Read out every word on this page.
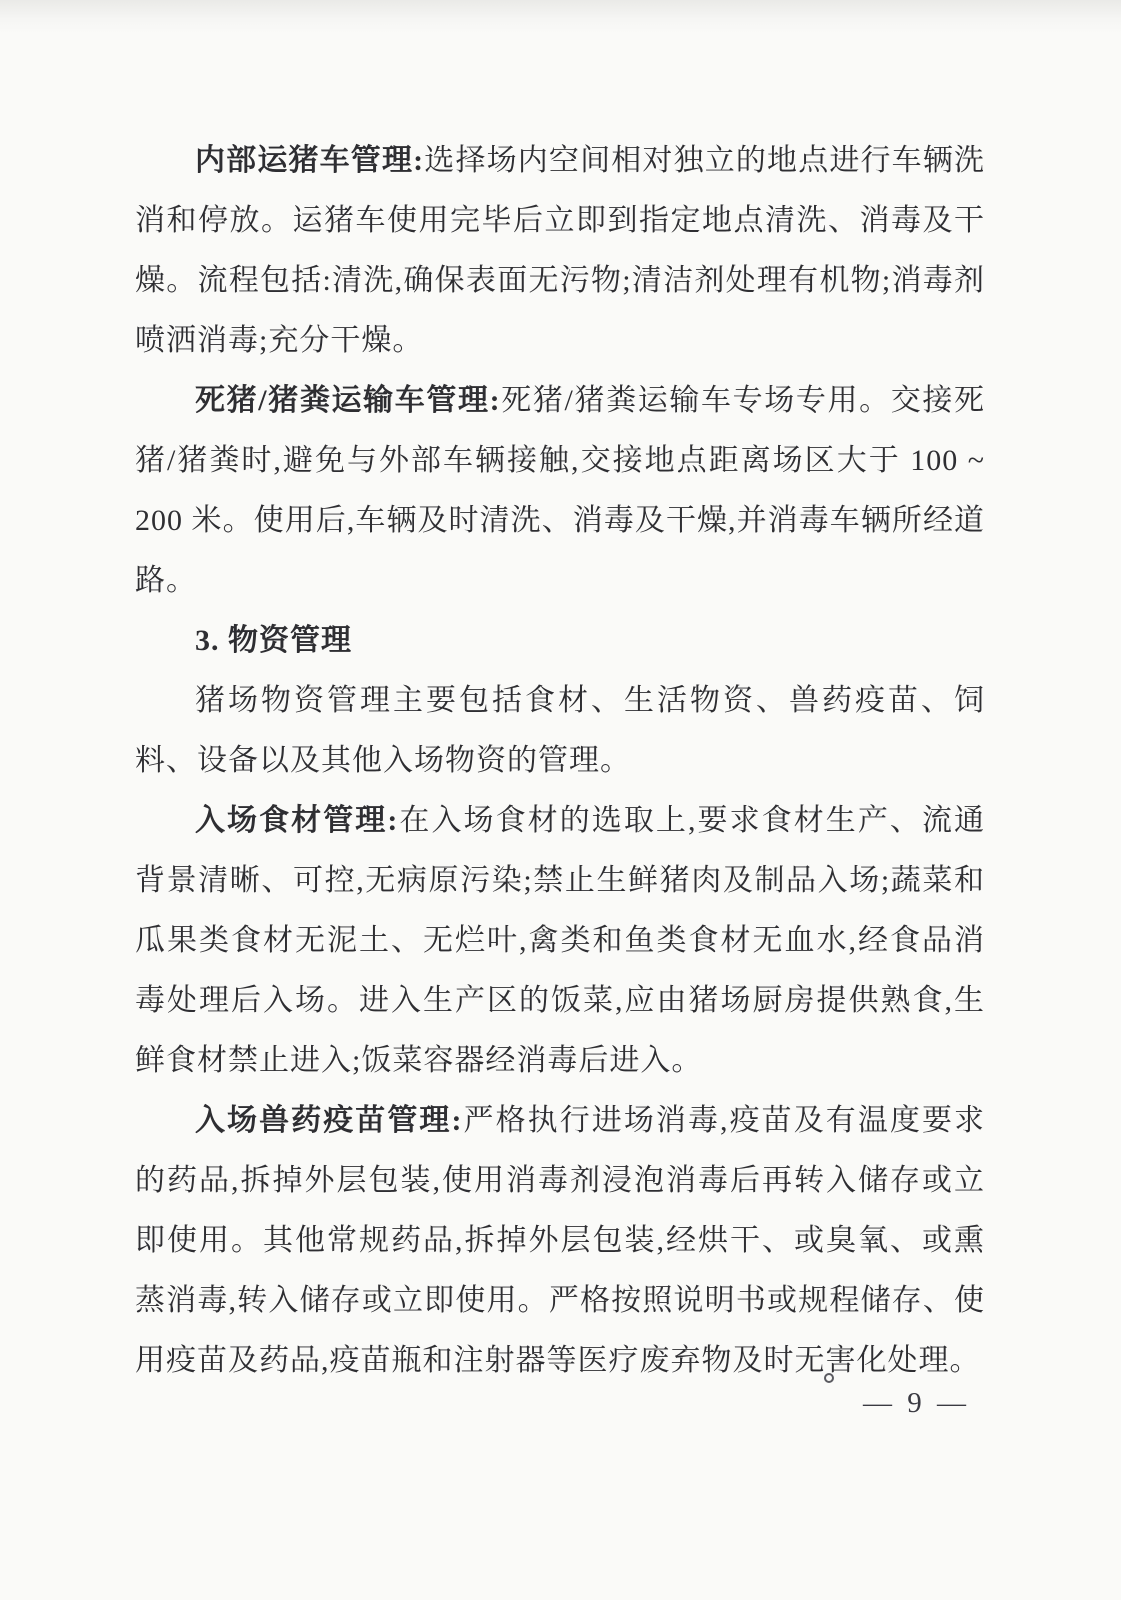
内部运猪车管理:选择场内空间相对独立的地点进行车辆洗消和停放。运猪车使用完毕后立即到指定地点清洗、消毒及干燥。流程包括:清洗,确保表面无污物;清洁剂处理有机物;消毒剂喷洒消毒;充分干燥。

死猪/猪粪运输车管理:死猪/猪粪运输车专场专用。交接死猪/猪粪时,避免与外部车辆接触,交接地点距离场区大于 100 ~ 200 米。使用后,车辆及时清洗、消毒及干燥,并消毒车辆所经道路。

3. 物资管理

猪场物资管理主要包括食材、生活物资、兽药疫苗、饲料、设备以及其他入场物资的管理。

入场食材管理:在入场食材的选取上,要求食材生产、流通背景清晰、可控,无病原污染;禁止生鲜猪肉及制品入场;蔬菜和瓜果类食材无泥土、无烂叶,禽类和鱼类食材无血水,经食品消毒处理后入场。进入生产区的饭菜,应由猪场厨房提供熟食,生鲜食材禁止进入;饭菜容器经消毒后进入。

入场兽药疫苗管理:严格执行进场消毒,疫苗及有温度要求的药品,拆掉外层包装,使用消毒剂浸泡消毒后再转入储存或立即使用。其他常规药品,拆掉外层包装,经烘干、或臭氧、或熏蒸消毒,转入储存或立即使用。严格按照说明书或规程储存、使用疫苗及药品,疫苗瓶和注射器等医疗废弃物及时无害化处理。

— 9 —
